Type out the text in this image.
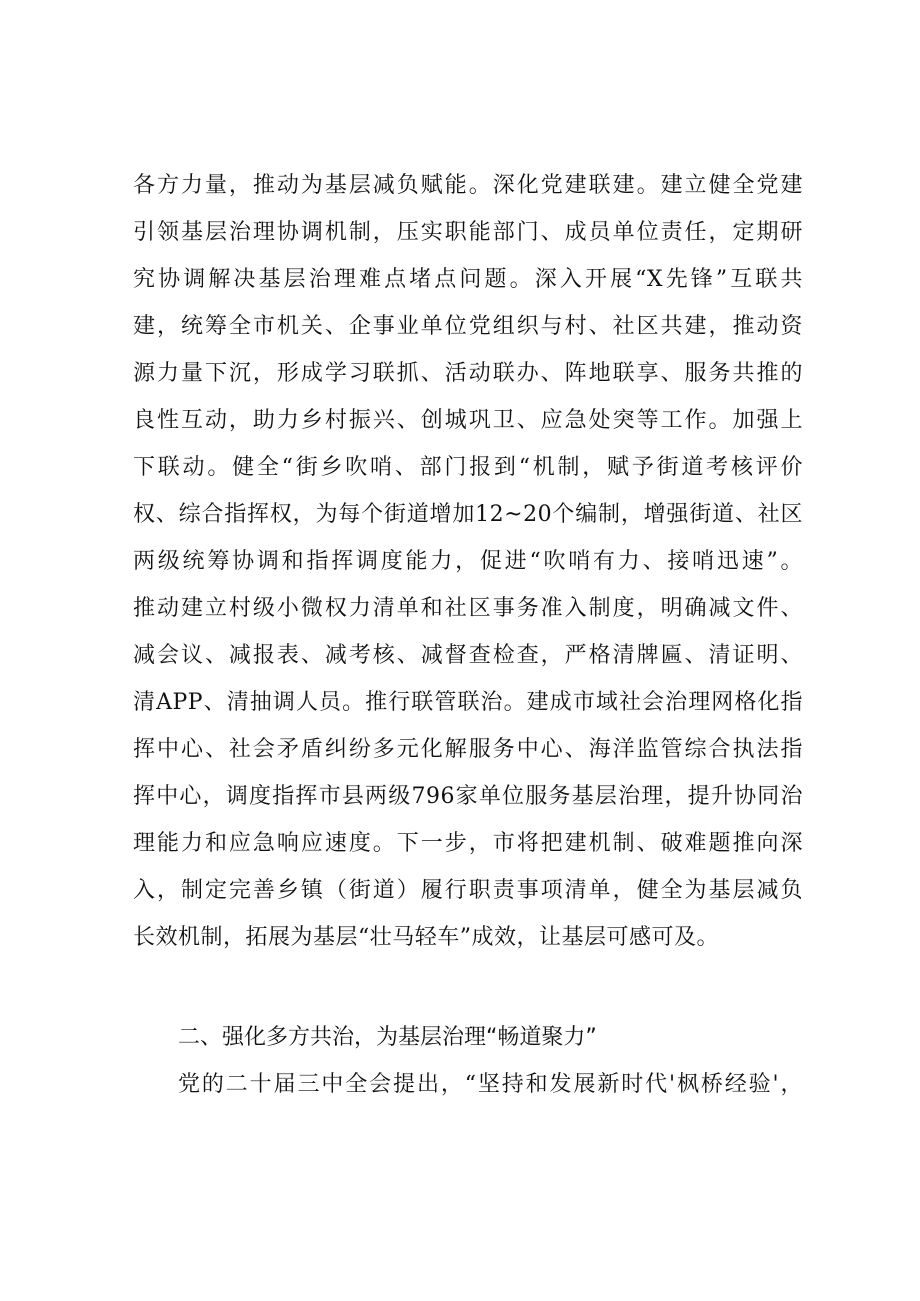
各方力量，推动为基层减负赋能。深化党建联建。建立健全党建
引领基层治理协调机制，压实职能部门、成员单位责任，定期研
究协调解决基层治理难点堵点问题。深入开展“X先锋”互联共
建，统筹全市机关、企事业单位党组织与村、社区共建，推动资
源力量下沉，形成学习联抓、活动联办、阵地联享、服务共推的
良性互动，助力乡村振兴、创城巩卫、应急处突等工作。加强上
下联动。健全“街乡吹哨、部门报到“机制，赋予街道考核评价
权、综合指挥权，为每个街道增加12~20个编制，增强街道、社区
两级统筹协调和指挥调度能力，促进“吹哨有力、接哨迅速”。
推动建立村级小微权力清单和社区事务准入制度，明确减文件、
减会议、减报表、减考核、减督查检查，严格清牌匾、清证明、
清APP、清抽调人员。推行联管联治。建成市域社会治理网格化指
挥中心、社会矛盾纠纷多元化解服务中心、海洋监管综合执法指
挥中心，调度指挥市县两级796家单位服务基层治理，提升协同治
理能力和应急响应速度。下一步，市将把建机制、破难题推向深
入，制定完善乡镇（街道）履行职责事项清单，健全为基层减负
长效机制，拓展为基层“壮马轻车”成效，让基层可感可及。
二、强化多方共治，为基层治理“畅道聚力”
党的二十届三中全会提出，“坚持和发展新时代'枫桥经验'，
